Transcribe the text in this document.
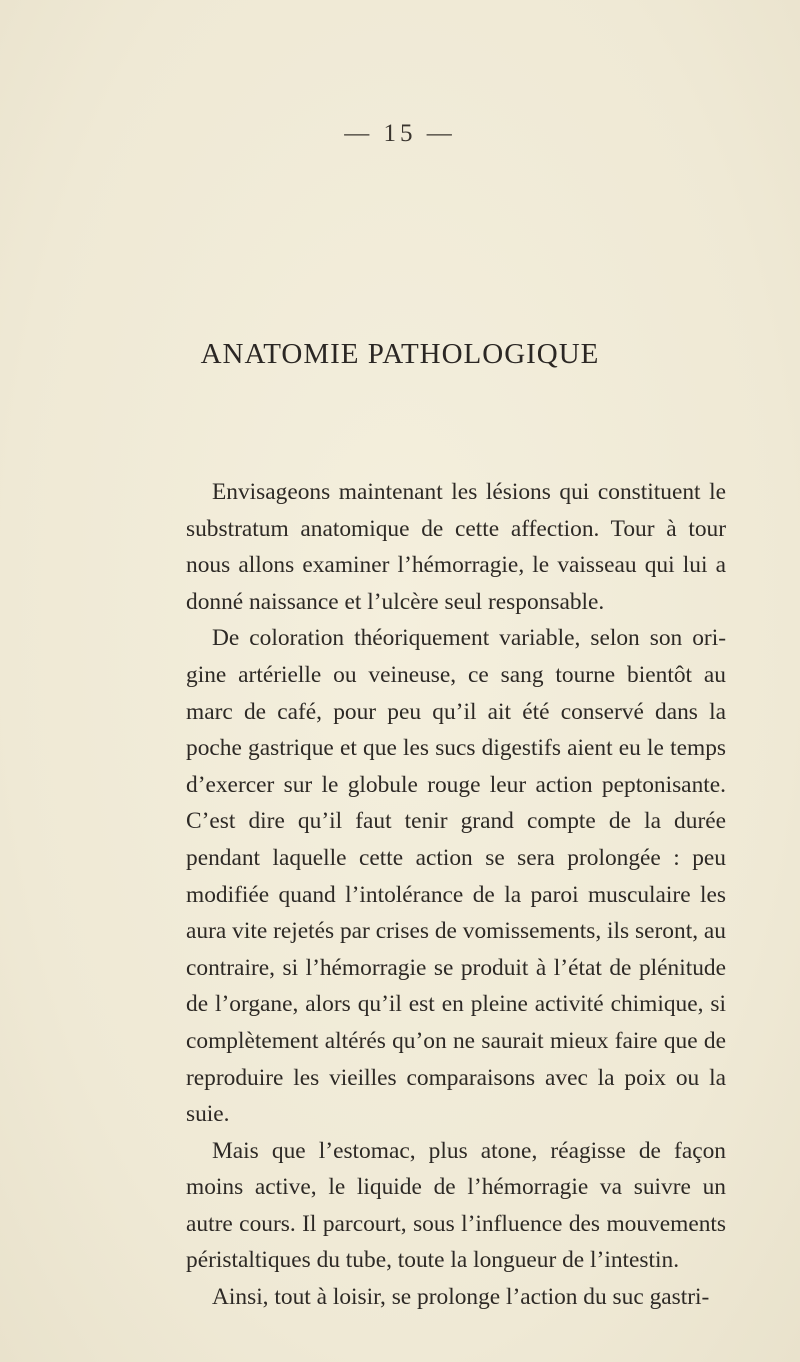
— 15 —
ANATOMIE PATHOLOGIQUE

Envisageons maintenant les lésions qui constituent le substratum anatomique de cette affection. Tour à tour nous allons examiner l’hémorragie, le vaisseau qui lui a donné naissance et l’ulcère seul responsable.

De coloration théoriquement variable, selon son origine artérielle ou veineuse, ce sang tourne bientôt au marc de café, pour peu qu’il ait été conservé dans la poche gastrique et que les sucs digestifs aient eu le temps d’exercer sur le globule rouge leur action peptonisante. C’est dire qu’il faut tenir grand compte de la durée pendant laquelle cette action se sera prolongée : peu modifiée quand l’intolérance de la paroi musculaire les aura vite rejetés par crises de vomissements, ils seront, au contraire, si l’hémorragie se produit à l’état de plénitude de l’organe, alors qu’il est en pleine activité chimique, si complètement altérés qu’on ne saurait mieux faire que de reproduire les vieilles comparaisons avec la poix ou la suie.

Mais que l’estomac, plus atone, réagisse de façon moins active, le liquide de l’hémorragie va suivre un autre cours. Il parcourt, sous l’influence des mouvements péristaltiques du tube, toute la longueur de l’intestin.

Ainsi, tout à loisir, se prolonge l’action du suc gastri-
